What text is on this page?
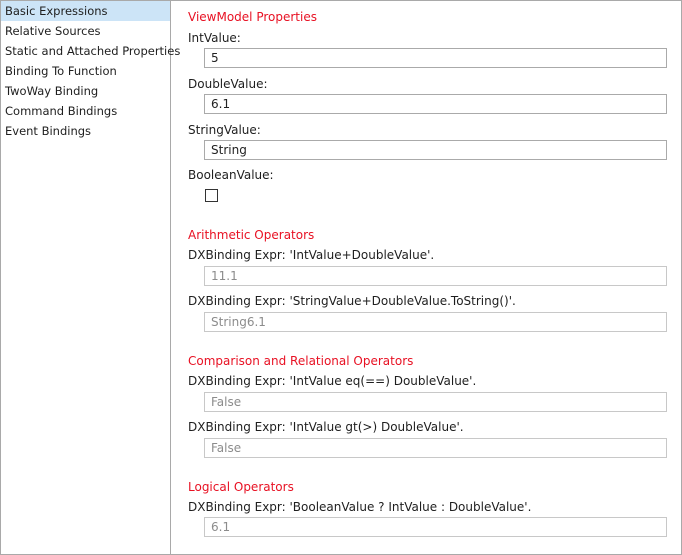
Basic Expressions
Relative Sources
Static and Attached Properties
Binding To Function
TwoWay Binding
Command Bindings
Event Bindings
ViewModel Properties
IntValue:
5
DoubleValue:
6.1
StringValue:
String
BooleanValue:
Arithmetic Operators
DXBinding Expr: 'IntValue+DoubleValue'.
11.1
DXBinding Expr: 'StringValue+DoubleValue.ToString()'.
String6.1
Comparison and Relational Operators
DXBinding Expr: 'IntValue eq(==) DoubleValue'.
False
DXBinding Expr: 'IntValue gt(>) DoubleValue'.
False
Logical Operators
DXBinding Expr: 'BooleanValue ? IntValue : DoubleValue'.
6.1
